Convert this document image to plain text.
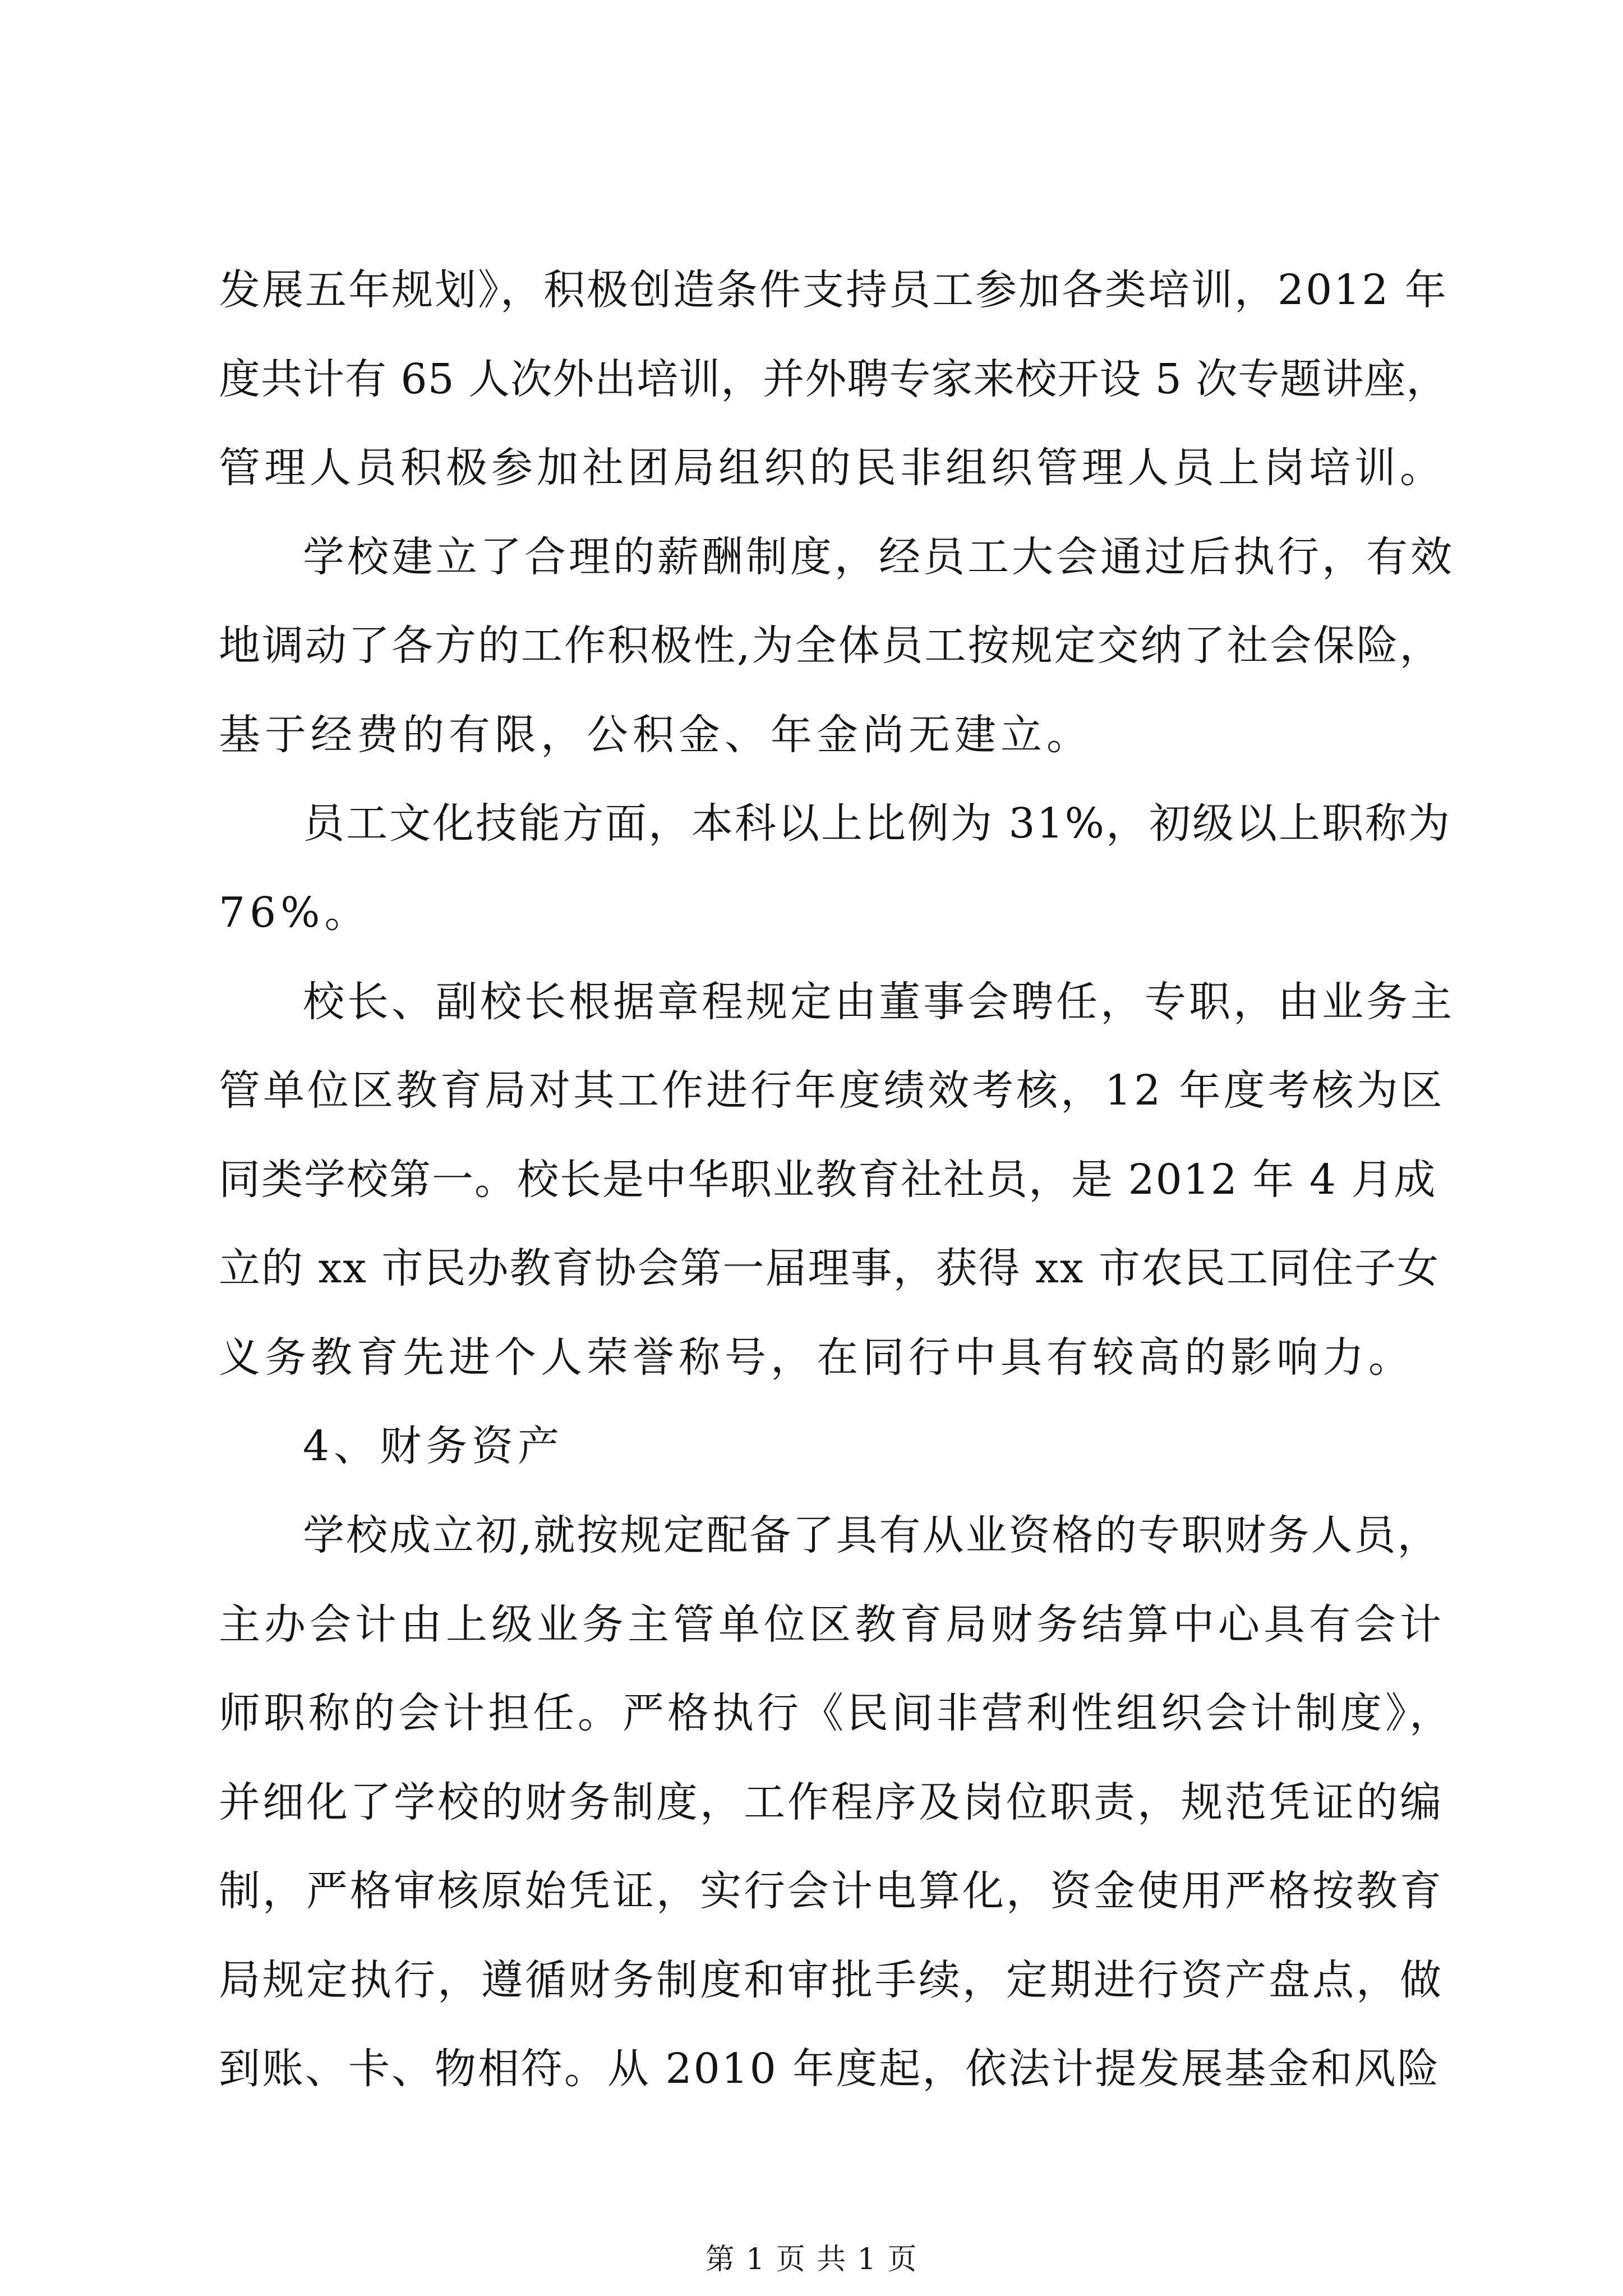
发展五年规划》，积极创造条件支持员工参加各类培训，2012 年
度共计有 65 人次外出培训，并外聘专家来校开设 5 次专题讲座，
管理人员积极参加社团局组织的民非组织管理人员上岗培训。
学校建立了合理的薪酬制度，经员工大会通过后执行，有效
地调动了各方的工作积极性,为全体员工按规定交纳了社会保险，
基于经费的有限，公积金、年金尚无建立。
员工文化技能方面，本科以上比例为 31%，初级以上职称为
76%。
校长、副校长根据章程规定由董事会聘任，专职，由业务主
管单位区教育局对其工作进行年度绩效考核，12 年度考核为区
同类学校第一。校长是中华职业教育社社员，是 2012 年 4 月成
立的 xx 市民办教育协会第一届理事，获得 xx 市农民工同住子女
义务教育先进个人荣誉称号，在同行中具有较高的影响力。
4、财务资产
学校成立初,就按规定配备了具有从业资格的专职财务人员，
主办会计由上级业务主管单位区教育局财务结算中心具有会计
师职称的会计担任。严格执行《民间非营利性组织会计制度》，
并细化了学校的财务制度，工作程序及岗位职责，规范凭证的编
制，严格审核原始凭证，实行会计电算化，资金使用严格按教育
局规定执行，遵循财务制度和审批手续，定期进行资产盘点，做
到账、卡、物相符。从 2010 年度起，依法计提发展基金和风险
第 1 页 共 1 页
